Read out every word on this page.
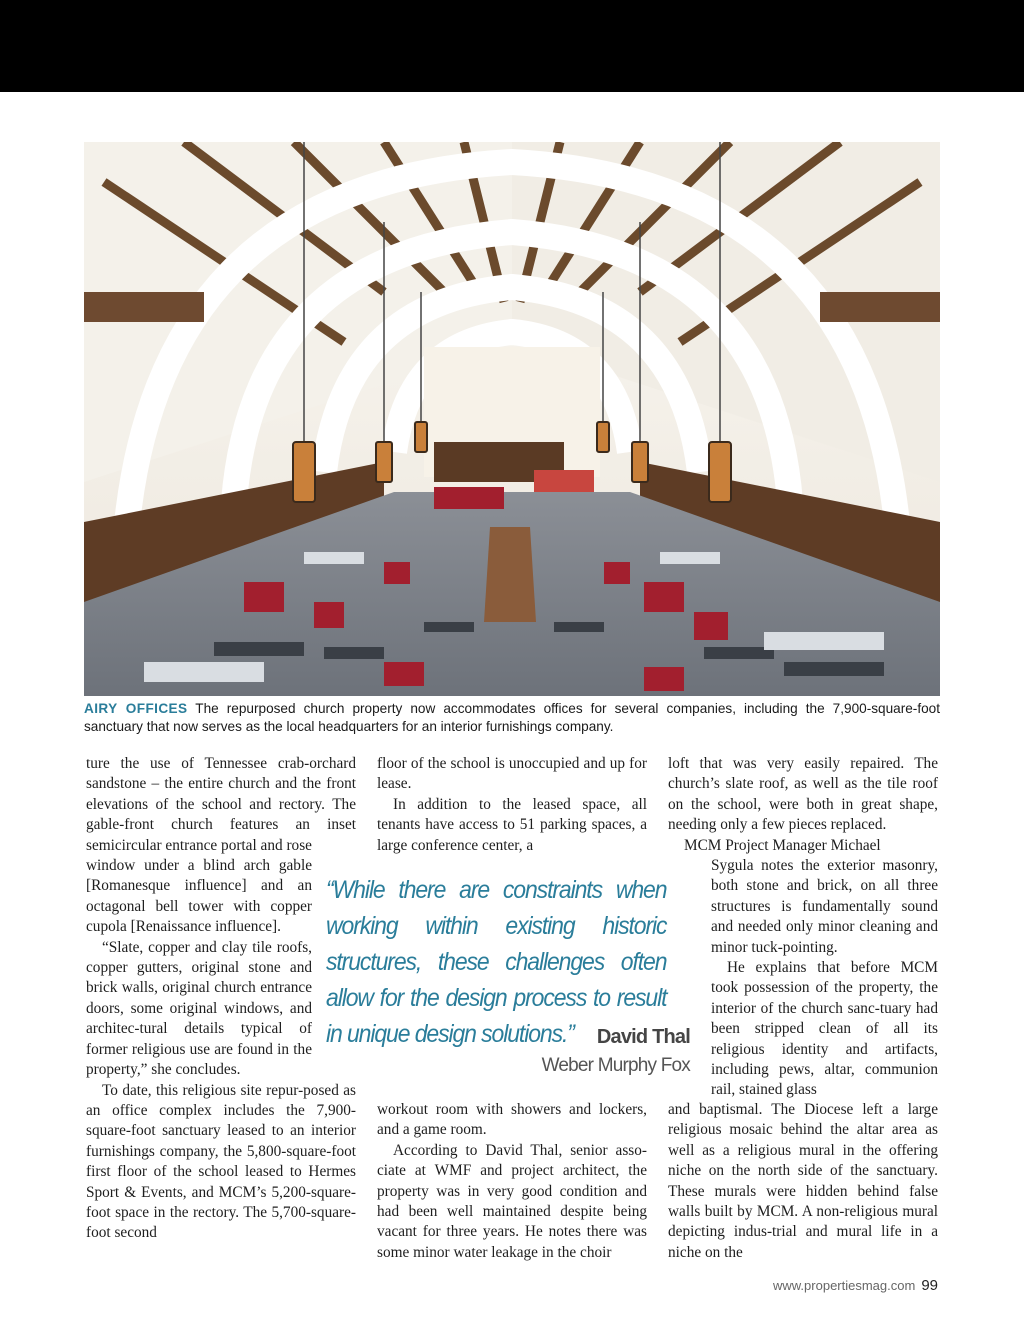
AIRY OFFICES The repurposed church property now accommodates offices for several companies, including the 7,900-square-foot sanctuary that now serves as the local headquarters for an interior furnishings company.

ture the use of Tennessee crab-orchard sandstone – the entire church and the front elevations of the school and rectory. The gable-front church features an inset semicircular entrance portal and rose

window under a blind arch gable [Romanesque influence] and an octagonal bell tower with copper cupola [Renaissance influence].

“Slate, copper and clay tile roofs, copper gutters, original stone and brick walls, original church entrance doors, some original windows, and architec-tural details typical of former religious use are found in the property,” she concludes.

To date, this religious site repur-posed as an office complex includes the 7,900-square-foot sanctuary leased to an interior furnishings company, the 5,800-square-foot first floor of the school leased to Hermes Sport & Events, and MCM’s 5,200-square-foot space in the rectory. The 5,700-square-foot second

floor of the school is unoccupied and up for lease.

In addition to the leased space, all tenants have access to 51 parking spaces, a large conference center, a

“While there are constraints when working within existing historic structures, these challenges often allow for the design process to result in unique design solutions.”	David Thal
Weber Murphy Fox

workout room with showers and lockers, and a game room.

According to David Thal, senior asso-ciate at WMF and project architect, the property was in very good condition and had been well maintained despite being vacant for three years. He notes there was some minor water leakage in the choir

loft that was very easily repaired. The church’s slate roof, as well as the tile roof on the school, were both in great shape, needing only a few pieces replaced.

MCM Project Manager Michael

Sygula notes the exterior masonry, both stone and brick, on all three structures is fundamentally sound and needed only minor cleaning and minor tuck-pointing.

He explains that before MCM took possession of the property, the interior of the church sanc-tuary had been stripped clean of all its religious identity and artifacts, including pews, altar, communion rail, stained glass

and baptismal. The Diocese left a large religious mosaic behind the altar area as well as a religious mural in the offering niche on the north side of the sanctuary. These murals were hidden behind false walls built by MCM. A non-religious mural depicting indus-trial and mural life in a niche on the

www.propertiesmag.com 99
